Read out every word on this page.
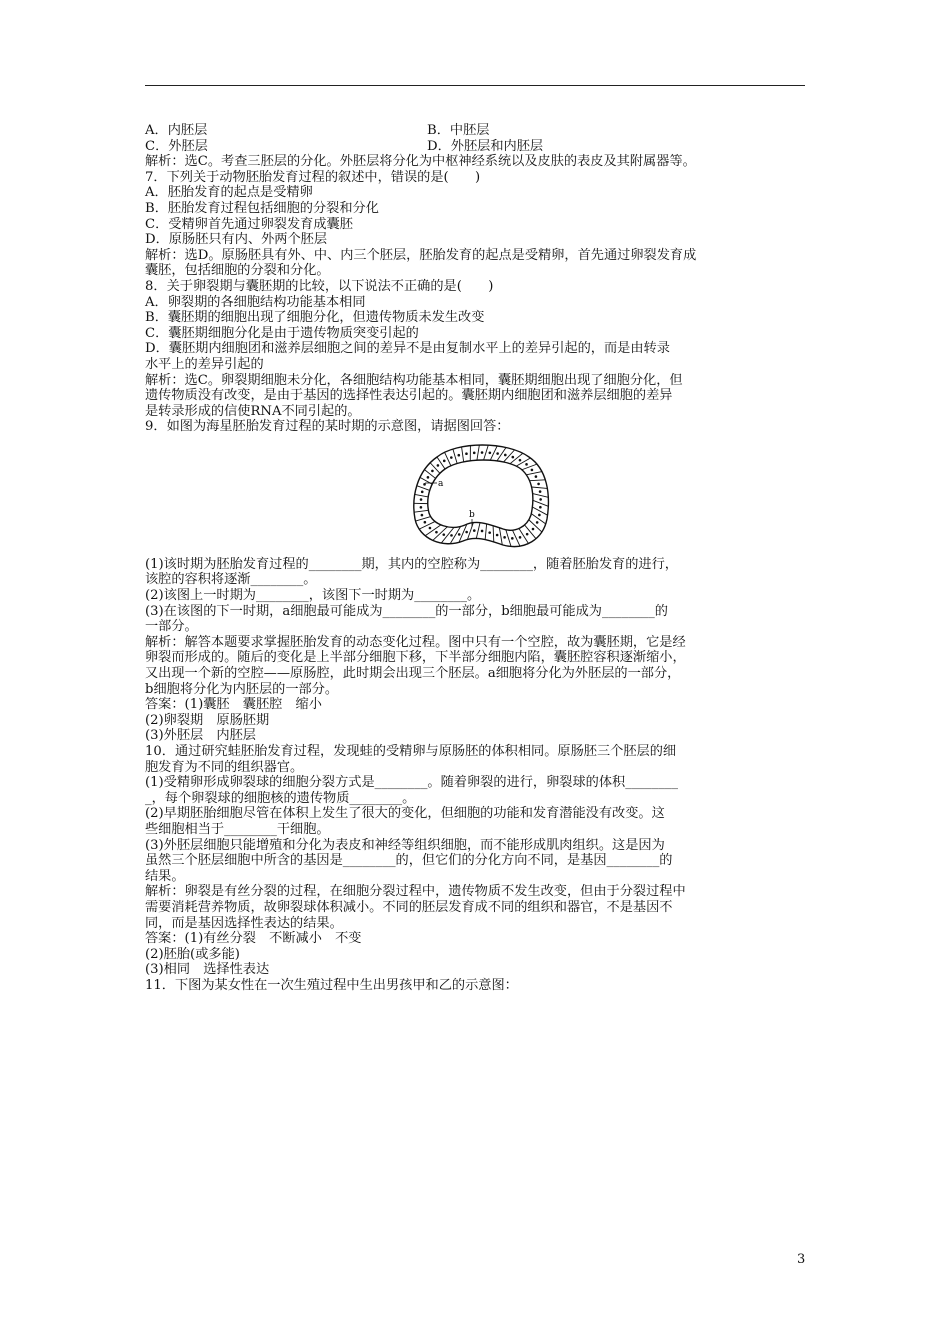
A．内胚层	B．中胚层
C．外胚层	D．外胚层和内胚层
解析：选C。考查三胚层的分化。外胚层将分化为中枢神经系统以及皮肤的表皮及其附属器等。
7．下列关于动物胚胎发育过程的叙述中，错误的是(　　)
A．胚胎发育的起点是受精卵
B．胚胎发育过程包括细胞的分裂和分化
C．受精卵首先通过卵裂发育成囊胚
D．原肠胚只有内、外两个胚层
解析：选D。原肠胚具有外、中、内三个胚层，胚胎发育的起点是受精卵，首先通过卵裂发育成
囊胚，包括细胞的分裂和分化。
8．关于卵裂期与囊胚期的比较，以下说法不正确的是(　　)
A．卵裂期的各细胞结构功能基本相同
B．囊胚期的细胞出现了细胞分化，但遗传物质未发生改变
C．囊胚期细胞分化是由于遗传物质突变引起的
D．囊胚期内细胞团和滋养层细胞之间的差异不是由复制水平上的差异引起的，而是由转录
水平上的差异引起的
解析：选C。卵裂期细胞未分化，各细胞结构功能基本相同，囊胚期细胞出现了细胞分化，但
遗传物质没有改变，是由于基因的选择性表达引起的。囊胚期内细胞团和滋养层细胞的差异
是转录形成的信使RNA不同引起的。
9．如图为海星胚胎发育过程的某时期的示意图，请据图回答：
a
b
(1)该时期为胚胎发育过程的________期，其内的空腔称为________，随着胚胎发育的进行，
该腔的容积将逐渐________。
(2)该图上一时期为________，该图下一时期为________。
(3)在该图的下一时期，a细胞最可能成为________的一部分，b细胞最可能成为________的
一部分。
解析：解答本题要求掌握胚胎发育的动态变化过程。图中只有一个空腔，故为囊胚期，它是经
卵裂而形成的。随后的变化是上半部分细胞下移，下半部分细胞内陷，囊胚腔容积逐渐缩小，
又出现一个新的空腔——原肠腔，此时期会出现三个胚层。a细胞将分化为外胚层的一部分，
b细胞将分化为内胚层的一部分。
答案：(1)囊胚　囊胚腔　缩小
(2)卵裂期　原肠胚期
(3)外胚层　内胚层
10．通过研究蛙胚胎发育过程，发现蛙的受精卵与原肠胚的体积相同。原肠胚三个胚层的细
胞发育为不同的组织器官。
(1)受精卵形成卵裂球的细胞分裂方式是________。随着卵裂的进行，卵裂球的体积________
_，每个卵裂球的细胞核的遗传物质________。
(2)早期胚胎细胞尽管在体积上发生了很大的变化，但细胞的功能和发育潜能没有改变。这
些细胞相当于________干细胞。
(3)外胚层细胞只能增殖和分化为表皮和神经等组织细胞，而不能形成肌肉组织。这是因为
虽然三个胚层细胞中所含的基因是________的，但它们的分化方向不同，是基因________的
结果。
解析：卵裂是有丝分裂的过程，在细胞分裂过程中，遗传物质不发生改变，但由于分裂过程中
需要消耗营养物质，故卵裂球体积减小。不同的胚层发育成不同的组织和器官，不是基因不
同，而是基因选择性表达的结果。
答案：(1)有丝分裂　不断减小　不变
(2)胚胎(或多能)
(3)相同　选择性表达
11．下图为某女性在一次生殖过程中生出男孩甲和乙的示意图：
3
